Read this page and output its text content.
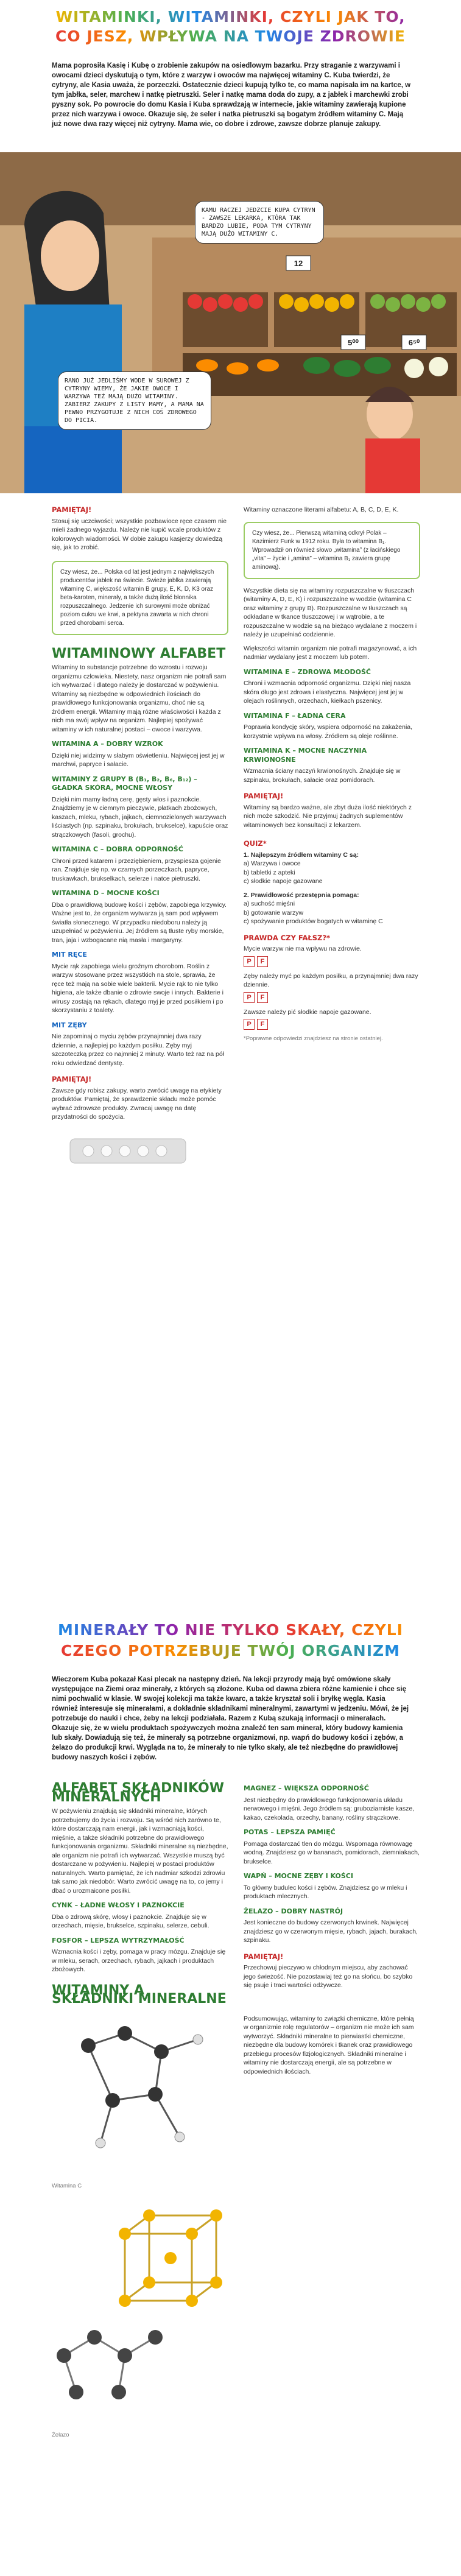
WITAMINKI, WITAMINKI, CZYLI JAK TO,
CO JESZ, WPŁYWA NA TWOJE ZDROWIE
Mama poprosiła Kasię i Kubę o zrobienie zakupów na osiedlowym bazarku. Przy straganie z warzywami i owocami dzieci dyskutują o tym, które z warzyw i owoców ma najwięcej witaminy C. Kuba twierdzi, że cytryny, ale Kasia uważa, że porzeczki. Ostatecznie dzieci kupują tylko te, co mama napisała im na kartce, w tym jabłka, seler, marchew i natkę pietruszki. Seler i natkę mama doda do zupy, a z jabłek i marchewki zrobi pyszny sok. Po powrocie do domu Kasia i Kuba sprawdzają w internecie, jakie witaminy zawierają kupione przez nich warzywa i owoce. Okazuje się, że seler i natka pietruszki są bogatym źródłem witaminy C. Mają już nowe dwa razy więcej niż cytryny. Mama wie, co dobre i zdrowe, zawsze dobrze planuje zakupy.
12
5⁰⁰	6⁵⁰
KAMU RACZEJ JEDZCIE KUPA CYTRYN - ZAWSZE LEKARKA, KTÓRA TAK BARDZO LUBIE, PODA TYM CYTRYNY MAJĄ DUŻO WITAMINY C.
RANO JUŻ JEDLIŚMY WODE W SUROWEJ Z CYTRYNY WIEMY, ŻE JAKIE OWOCE I WARZYWA TEŻ MAJĄ DUŻO WITAMINY. ZABIERZ ZAKUPY Z LISTY MAMY, A MAMA NA PEWNO PRZYGOTUJE Z NICH COŚ ZDROWEGO DO PICIA.
PAMIĘTAJ!
Stosuj się uczciwości; wszystkie pozbawioce ręce czasem nie mieli żadnego wyjazdu. Należy nie kupić wcale produktów z kolorowych wiadomości. W dobie zakupu kasjerzy dowiedzą się, jak to zrobić.
Czy wiesz, że... Polska od lat jest jednym z największych producentów jabłek na świecie. Świeże jabłka zawierają witaminę C, większość witamin B grupy, E, K, D, K3 oraz beta-karoten, minerały, a także dużą ilość błonnika rozpuszczalnego. Jedzenie ich surowymi może obniżać poziom cukru we krwi, a pektyna zawarta w nich chroni przed chorobami serca.
WITAMINOWY ALFABET
Witaminy to substancje potrzebne do wzrostu i rozwoju organizmu człowieka. Niestety, nasz organizm nie potrafi sam ich wytwarzać i dlatego należy je dostarczać w pożywieniu. Witaminy są niezbędne w odpowiednich ilościach do prawidłowego funkcjonowania organizmu, choć nie są źródłem energii. Witaminy mają różne właściwości i każda z nich ma swój wpływ na organizm. Najlepiej spożywać witaminy w ich naturalnej postaci – owoce i warzywa.
WITAMINA A – DOBRY WZROK
Dzięki niej widzimy w słabym oświetleniu. Najwięcej jest jej w marchwi, papryce i sałacie.
WITAMINY Z GRUPY B (B₁, B₂, B₆, B₁₂) – GŁADKA SKÓRA, MOCNE WŁOSY
Dzięki nim mamy ładną cerę, gęsty włos i paznokcie. Znajdziemy je w ciemnym pieczywie, płatkach zbożowych, kaszach, mleku, rybach, jajkach, ciemnozielonych warzywach liściastych (np. szpinaku, brokułach, brukselce), kapuście oraz strączkowych (fasoli, grochu).
WITAMINA C – DOBRA ODPORNOŚĆ
Chroni przed katarem i przeziębieniem, przyspiesza gojenie ran. Znajduje się np. w czarnych porzeczkach, papryce, truskawkach, brukselkach, selerze i natce pietruszki.
WITAMINA D – MOCNE KOŚCI
Dba o prawidłową budowę kości i zębów, zapobiega krzywicy. Ważne jest to, że organizm wytwarza ją sam pod wpływem światła słonecznego. W przypadku niedoboru należy ją uzupełniać w pożywieniu. Jej źródłem są tłuste ryby morskie, tran, jaja i wzbogacane nią masła i margaryny.
MIT RĘCE
Mycie rąk zapobiega wielu groźnym chorobom. Roślin z warzyw stosowane przez wszystkich na stole, sprawia, że ręce też mają na sobie wiele bakterii. Mycie rąk to nie tylko higiena, ale także dbanie o zdrowie swoje i innych. Bakterie i wirusy zostają na rękach, dlatego myj je przed posiłkiem i po skorzystaniu z toalety.
MIT ZĘBY
Nie zapominaj o myciu zębów przynajmniej dwa razy dziennie, a najlepiej po każdym posiłku. Zęby myj szczoteczką przez co najmniej 2 minuty. Warto też raz na pół roku odwiedzać dentystę.
PAMIĘTAJ!
Zawsze gdy robisz zakupy, warto zwrócić uwagę na etykiety produktów. Pamiętaj, że sprawdzenie składu może pomóc wybrać zdrowsze produkty. Zwracaj uwagę na datę przydatności do spożycia.
Witaminy oznaczone literami alfabetu: A, B, C, D, E, K.
Czy wiesz, że... Pierwszą witaminą odkrył Polak – Kazimierz Funk w 1912 roku. Była to witamina B₁. Wprowadził on również słowo „witamina” (z łacińskiego „vita” – życie i „amina” – witamina B₁ zawiera grupę aminową).
Wszystkie dieta się na witaminy rozpuszczalne w tłuszczach (witaminy A, D, E, K) i rozpuszczalne w wodzie (witamina C oraz witaminy z grupy B). Rozpuszczalne w tłuszczach są odkładane w tkance tłuszczowej i w wątrobie, a te rozpuszczalne w wodzie są na bieżąco wydalane z moczem i należy je uzupełniać codziennie.
Większości witamin organizm nie potrafi magazynować, a ich nadmiar wydalany jest z moczem lub potem.
WITAMINA E – ZDROWA MŁODOŚĆ
Chroni i wzmacnia odporność organizmu. Dzięki niej nasza skóra długo jest zdrowa i elastyczna. Najwięcej jest jej w olejach roślinnych, orzechach, kiełkach pszenicy.
WITAMINA F – ŁADNA CERA
Poprawia kondycję skóry, wspiera odporność na zakażenia, korzystnie wpływa na włosy. Źródłem są oleje roślinne.
WITAMINA K – MOCNE NACZYNIA KRWIONOŚNE
Wzmacnia ściany naczyń krwionośnych. Znajduje się w szpinaku, brokułach, sałacie oraz pomidorach.
PAMIĘTAJ!
Witaminy są bardzo ważne, ale zbyt duża ilość niektórych z nich może szkodzić. Nie przyjmuj żadnych suplementów witaminowych bez konsultacji z lekarzem.
QUIZ*
1. Najlepszym źródłem witaminy C są:
a) Warzywa i owoce
b) tabletki z apteki
c) słodkie napoje gazowane
2. Prawidłowość przestępnia pomaga:
a) suchość mięśni
b) gotowanie warzyw
c) spożywanie produktów bogatych w witaminę C
PRAWDA CZY FAŁSZ?*
Mycie warzyw nie ma wpływu na zdrowie.
P F
Zęby należy myć po każdym posiłku, a przynajmniej dwa razy dziennie.
P F
Zawsze należy pić słodkie napoje gazowane.
P F
*Poprawne odpowiedzi znajdziesz na stronie ostatniej.
MINERAŁY TO NIE TYLKO SKAŁY, CZYLI
CZEGO POTRZEBUJE TWÓJ ORGANIZM
Wieczorem Kuba pokazał Kasi plecak na następny dzień. Na lekcji przyrody mają być omówione skały występujące na Ziemi oraz minerały, z których są złożone. Kuba od dawna zbiera różne kamienie i chce się nimi pochwalić w klasie. W swojej kolekcji ma także kwarc, a także kryształ soli i bryłkę węgla. Kasia również interesuje się minerałami, a dokładnie składnikami mineralnymi, zawartymi w jedzeniu. Mówi, że jej potrzebuje do nauki i chce, żeby na lekcji podziałała. Razem z Kubą szukają informacji o minerałach. Okazuje się, że w wielu produktach spożywczych można znaleźć ten sam minerał, który budowy kamienia lub skały. Dowiadują się też, że minerały są potrzebne organizmowi, np. wapń do budowy kości i zębów, a żelazo do produkcji krwi. Wygląda na to, że minerały to nie tylko skały, ale też niezbędne do prawidłowej budowy naszych kości i zębów.
ALFABET SKŁADNIKÓW MINERALNYCH
W pożywieniu znajdują się składniki mineralne, których potrzebujemy do życia i rozwoju. Są wśród nich zarówno te, które dostarczają nam energii, jak i wzmacniają kości, mięśnie, a także składniki potrzebne do prawidłowego funkcjonowania organizmu. Składniki mineralne są niezbędne, ale organizm nie potrafi ich wytwarzać. Wszystkie muszą być dostarczane w pożywieniu. Najlepiej w postaci produktów naturalnych. Warto pamiętać, że ich nadmiar szkodzi zdrowiu tak samo jak niedobór. Warto zwrócić uwagę na to, co jemy i dbać o urozmaicone posiłki.
CYNK – ŁADNE WŁOSY I PAZNOKCIE
Dba o zdrową skórę, włosy i paznokcie. Znajduje się w orzechach, mięsie, brukselce, szpinaku, selerze, cebuli.
FOSFOR – LEPSZA WYTRZYMAŁOŚĆ
Wzmacnia kości i zęby, pomaga w pracy mózgu. Znajduje się w mleku, serach, orzechach, rybach, jajkach i produktach zbożowych.
WITAMINY A SKŁADNIKI MINERALNE
Witamina C
Żelazo
MAGNEZ – WIĘKSZA ODPORNOŚĆ
Jest niezbędny do prawidłowego funkcjonowania układu nerwowego i mięśni. Jego źródłem są: gruboziarniste kasze, kakao, czekolada, orzechy, banany, rośliny strączkowe.
POTAS – LEPSZA PAMIĘĆ
Pomaga dostarczać tlen do mózgu. Wspomaga równowagę wodną. Znajdziesz go w bananach, pomidorach, ziemniakach, brukselce.
WAPŃ – MOCNE ZĘBY I KOŚCI
To główny budulec kości i zębów. Znajdziesz go w mleku i produktach mlecznych.
ŻELAZO – DOBRY NASTRÓJ
Jest konieczne do budowy czerwonych krwinek. Najwięcej znajdziesz go w czerwonym mięsie, rybach, jajach, burakach, szpinaku.
PAMIĘTAJ!
Przechowuj pieczywo w chłodnym miejscu, aby zachować jego świeżość. Nie pozostawiaj też go na słońcu, bo szybko się psuje i traci wartości odżywcze.
Podsumowując, witaminy to związki chemiczne, które pełnią w organizmie rolę regulatorów – organizm nie może ich sam wytworzyć. Składniki mineralne to pierwiastki chemiczne, niezbędne dla budowy komórek i tkanek oraz prawidłowego przebiegu procesów fizjologicznych. Składniki mineralne i witaminy nie dostarczają energii, ale są potrzebne w odpowiednich ilościach.
